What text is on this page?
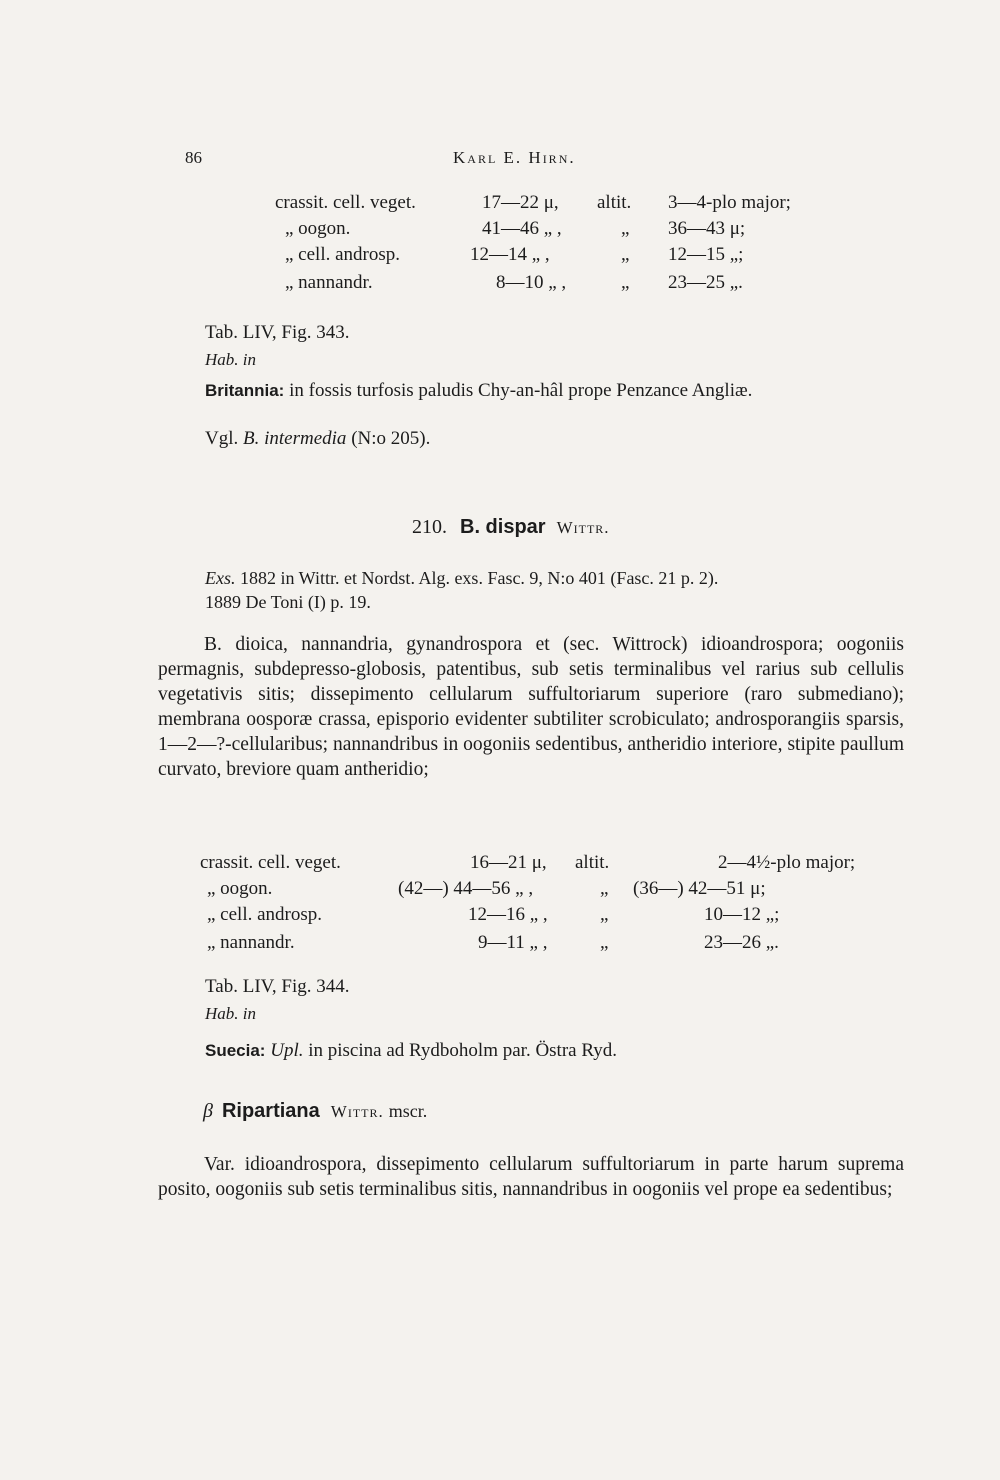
86	Karl E. Hirn.
crassit. cell. veget.	17—22 μ, altit. 3—4-plo major;
„ oogon.	41—46 „ ,	„ 36—43 μ;
„ cell. androsp.	12—14 „ ,	„ 12—15 „;
„ nannandr.	8—10 „ ,	„ 23—25 „.
Tab. LIV, Fig. 343.
Hab. in
Britannia: in fossis turfosis paludis Chy-an-hâl prope Penzance Angliæ.
Vgl. B. intermedia (N:o 205).
210. B. dispar Wittr.
Exs. 1882 in Wittr. et Nordst. Alg. exs. Fasc. 9, N:o 401 (Fasc. 21 p. 2).
1889 De Toni (I) p. 19.
B. dioica, nannandria, gynandrospora et (sec. Wittrock) idioandrospora; oogoniis permagnis, subdepresso-globosis, patentibus, sub setis terminalibus vel rarius sub cellulis vegetativis sitis; dissepimento cellularum suffultoriarum superiore (raro submediano); membrana oosporæ crassa, episporio evidenter subtiliter scrobiculato; androsporangiis sparsis, 1—2—?-cellularibus; nannandribus in oogoniis sedentibus, antheridio interiore, stipite paullum curvato, breviore quam antheridio;
crassit. cell. veget.	16—21 μ, altit.	2—4½-plo major;
„ oogon.	(42—) 44—56 „ ,	„ (36—) 42—51 μ;
„ cell. androsp.	12—16 „ ,	„	10—12 „;
„ nannandr.	9—11 „ ,	„	23—26 „.
Tab. LIV, Fig. 344.
Hab. in
Suecia: Upl. in piscina ad Rydboholm par. Östra Ryd.
β Ripartiana Wittr. mscr.
Var. idioandrospora, dissepimento cellularum suffultoriarum in parte harum suprema posito, oogoniis sub setis terminalibus sitis, nannandribus in oogoniis vel prope ea sedentibus;
